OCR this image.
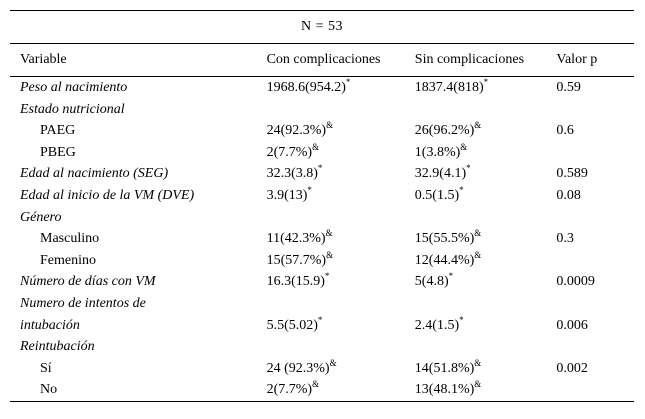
N = 53			
Variable	Con complicaciones	Sin complicaciones	Valor p
Peso al nacimiento	1968.6(954.2)*	1837.4(818)*	0.59
Estado nutricional			
PAEG	24(92.3%)&	26(96.2%)&	0.6
PBEG	2(7.7%)&	1(3.8%)&	
Edad al nacimiento (SEG)	32.3(3.8)*	32.9(4.1)*	0.589
Edad al inicio de la VM (DVE)	3.9(13)*	0.5(1.5)*	0.08
Género			
Masculino	11(42.3%)&	15(55.5%)&	0.3
Femenino	15(57.7%)&	12(44.4%)&	
Número de días con VM	16.3(15.9)*	5(4.8)*	0.0009
Numero de intentos de			
intubación	5.5(5.02)*	2.4(1.5)*	0.006
Reintubación			
Sí	24 (92.3%)&	14(51.8%)&	0.002
No	2(7.7%)&	13(48.1%)&	
